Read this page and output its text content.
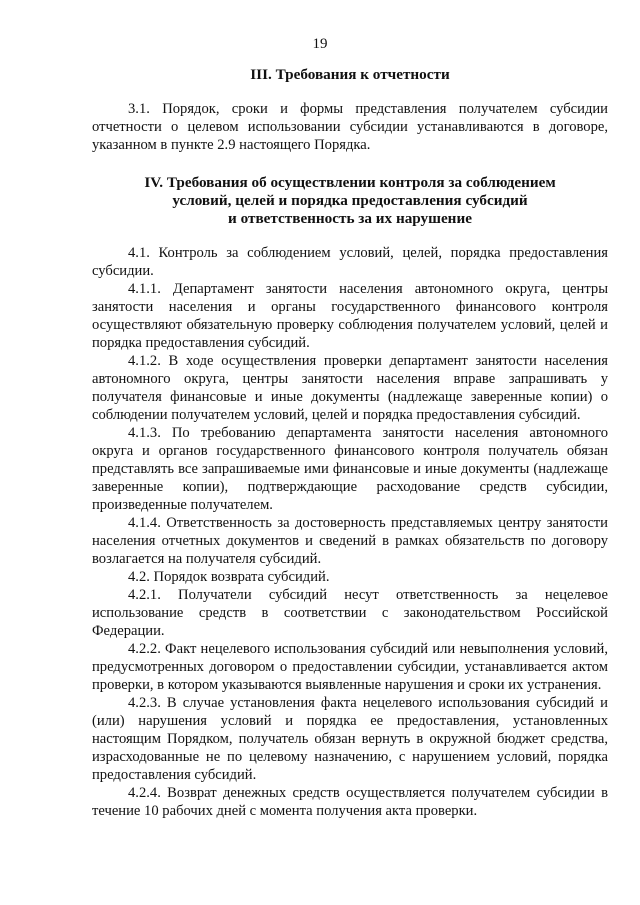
19
III. Требования к отчетности

3.1. Порядок, сроки и формы представления получателем субсидии отчетности о целевом использовании субсидии устанавливаются в договоре, указанном в пункте 2.9 настоящего Порядка.

IV. Требования об осуществлении контроля за соблюдением
условий, целей и порядка предоставления субсидий
и ответственность за их нарушение

4.1. Контроль за соблюдением условий, целей, порядка предоставления субсидии.

4.1.1. Департамент занятости населения автономного округа, центры занятости населения и органы государственного финансового контроля осуществляют обязательную проверку соблюдения получателем условий, целей и порядка предоставления субсидий.

4.1.2. В ходе осуществления проверки департамент занятости населения автономного округа, центры занятости населения вправе запрашивать у получателя финансовые и иные документы (надлежаще заверенные копии) о соблюдении получателем условий, целей и порядка предоставления субсидий.

4.1.3. По требованию департамента занятости населения автономного округа и органов государственного финансового контроля получатель обязан представлять все запрашиваемые ими финансовые и иные документы (надлежаще заверенные копии), подтверждающие расходование средств субсидии, произведенные получателем.

4.1.4. Ответственность за достоверность представляемых центру занятости населения отчетных документов и сведений в рамках обязательств по договору возлагается на получателя субсидий.

4.2. Порядок возврата субсидий.

4.2.1. Получатели субсидий несут ответственность за нецелевое использование средств в соответствии с законодательством Российской Федерации.

4.2.2. Факт нецелевого использования субсидий или невыполнения условий, предусмотренных договором о предоставлении субсидии, устанавливается актом проверки, в котором указываются выявленные нарушения и сроки их устранения.

4.2.3. В случае установления факта нецелевого использования субсидий и (или) нарушения условий и порядка ее предоставления, установленных настоящим Порядком, получатель обязан вернуть в окружной бюджет средства, израсходованные не по целевому назначению, с нарушением условий, порядка предоставления субсидий.

4.2.4. Возврат денежных средств осуществляется получателем субсидии в течение 10 рабочих дней с момента получения акта проверки.
